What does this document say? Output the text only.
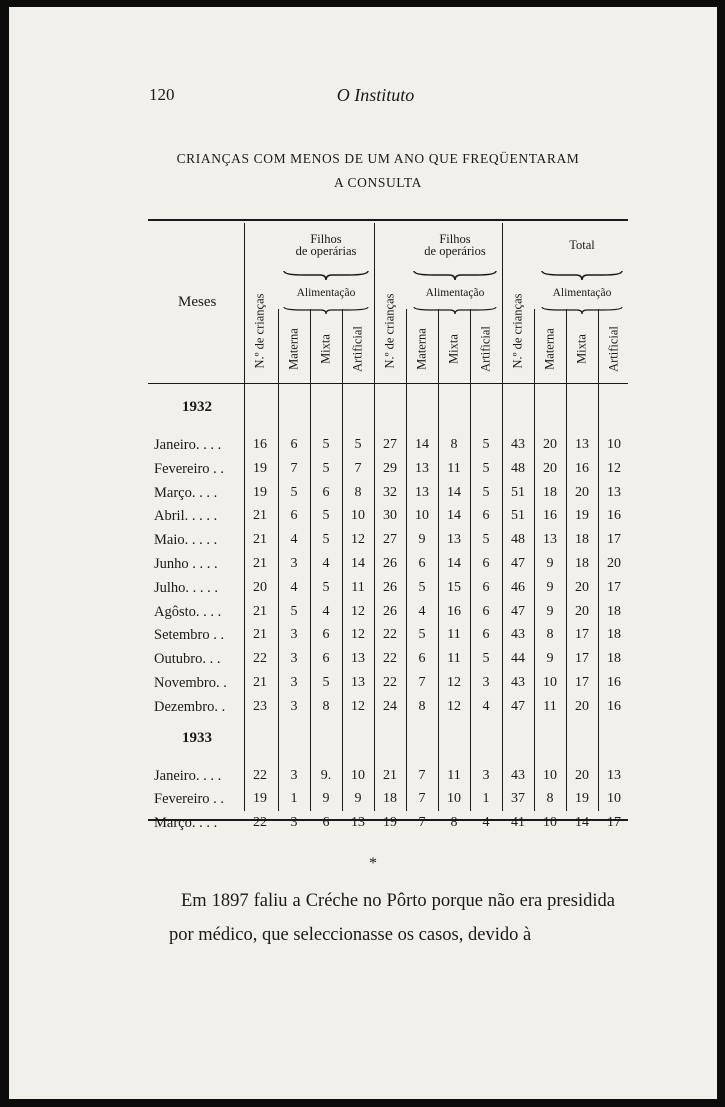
120	O Instituto
CRIANÇAS COM MENOS DE UM ANO QUE FREQÜENTARAM
A CONSULTA
Filhos
de operárias
Alimentação
Filhos
de operários
Alimentação
Total
Alimentação
Meses	N.º de crianças Materna Mixta Artificial N.º de crianças Materna Mixta Artificial N.º de crianças Materna Mixta Artificial
1932
Janeiro. . . .	16	6	5	5	27	14	8	5	43	20	13	10
Fevereiro . .	19	7	5	7	29	13	11	5	48	20	16	12
Março. . . .	19	5	6	8	32	13	14	5	51	18	20	13
Abril. . . . .	21	6	5	10	30	10	14	6	51	16	19	16
Maio. . . . .	21	4	5	12	27	9	13	5	48	13	18	17
Junho . . . .	21	3	4	14	26	6	14	6	47	9	18	20
Julho. . . . .	20	4	5	11	26	5	15	6	46	9	20	17
Agôsto. . . .	21	5	4	12	26	4	16	6	47	9	20	18
Setembro . .	21	3	6	12	22	5	11	6	43	8	17	18
Outubro. . .	22	3	6	13	22	6	11	5	44	9	17	18
Novembro. .	21	3	5	13	22	7	12	3	43	10	17	16
Dezembro. .	23	3	8	12	24	8	12	4	47	11	20	16
1933
Janeiro. . . .	22	3	9.	10	21	7	11	3	43	10	20	13
Fevereiro . .	19	1	9	9	18	7	10	1	37	8	19	10
Março. . . .	22	3	6	13	19	7	8	4	41	10	14	17
*

Em 1897 faliu a Créche no Pôrto porque não era presidida por médico, que seleccionasse os casos, devido à
